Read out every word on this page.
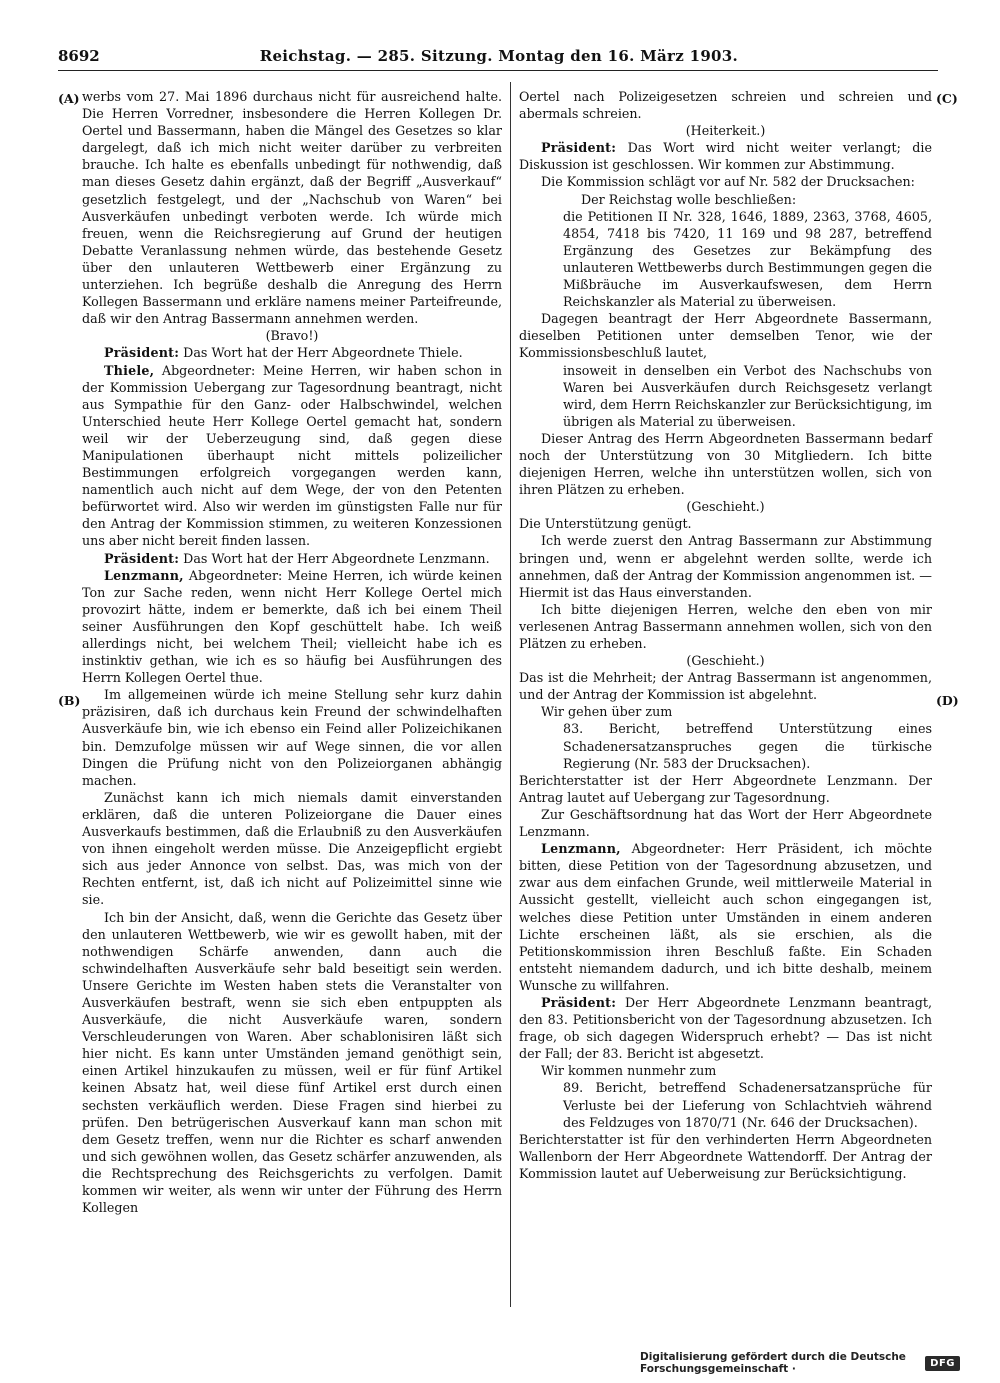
8692	Reichstag. — 285. Sitzung. Montag den 16. März 1903.

werbs vom 27. Mai 1896 durchaus nicht für ausreichend halte. Die Herren Vorredner, insbesondere die Herren Kollegen Dr. Oertel und Bassermann, haben die Mängel des Gesetzes so klar dargelegt, daß ich mich nicht weiter darüber zu verbreiten brauche. Ich halte es ebenfalls unbedingt für nothwendig, daß man dieses Gesetz dahin ergänzt, daß der Begriff „Ausverkauf“ gesetzlich festgelegt, und der „Nachschub von Waren“ bei Ausverkäufen unbedingt verboten werde. Ich würde mich freuen, wenn die Reichsregierung auf Grund der heutigen Debatte Veranlassung nehmen würde, das bestehende Gesetz über den unlauteren Wettbewerb einer Ergänzung zu unterziehen. Ich begrüße deshalb die Anregung des Herrn Kollegen Bassermann und erkläre namens meiner Parteifreunde, daß wir den Antrag Bassermann annehmen werden.

(Bravo!)

Präsident: Das Wort hat der Herr Abgeordnete Thiele.

Thiele, Abgeordneter: Meine Herren, wir haben schon in der Kommission Uebergang zur Tagesordnung beantragt, nicht aus Sympathie für den Ganz- oder Halbschwindel, welchen Unterschied heute Herr Kollege Oertel gemacht hat, sondern weil wir der Ueberzeugung sind, daß gegen diese Manipulationen überhaupt nicht mittels polizeilicher Bestimmungen erfolgreich vorgegangen werden kann, namentlich auch nicht auf dem Wege, der von den Petenten befürwortet wird. Also wir werden im günstigsten Falle nur für den Antrag der Kommission stimmen, zu weiteren Konzessionen uns aber nicht bereit finden lassen.

Präsident: Das Wort hat der Herr Abgeordnete Lenzmann.

Lenzmann, Abgeordneter: Meine Herren, ich würde keinen Ton zur Sache reden, wenn nicht Herr Kollege Oertel mich provozirt hätte, indem er bemerkte, daß ich bei einem Theil seiner Ausführungen den Kopf geschüttelt habe. Ich weiß allerdings nicht, bei welchem Theil; vielleicht habe ich es instinktiv gethan, wie ich es so häufig bei Ausführungen des Herrn Kollegen Oertel thue.

Im allgemeinen würde ich meine Stellung sehr kurz dahin präzisiren, daß ich durchaus kein Freund der schwindelhaften Ausverkäufe bin, wie ich ebenso ein Feind aller Polizeichikanen bin. Demzufolge müssen wir auf Wege sinnen, die vor allen Dingen die Prüfung nicht von den Polizeiorganen abhängig machen.

Zunächst kann ich mich niemals damit einverstanden erklären, daß die unteren Polizeiorgane die Dauer eines Ausverkaufs bestimmen, daß die Erlaubniß zu den Ausverkäufen von ihnen eingeholt werden müsse. Die Anzeigepflicht ergiebt sich aus jeder Annonce von selbst. Das, was mich von der Rechten entfernt, ist, daß ich nicht auf Polizeimittel sinne wie sie.

Ich bin der Ansicht, daß, wenn die Gerichte das Gesetz über den unlauteren Wettbewerb, wie wir es gewollt haben, mit der nothwendigen Schärfe anwenden, dann auch die schwindelhaften Ausverkäufe sehr bald beseitigt sein werden. Unsere Gerichte im Westen haben stets die Veranstalter von Ausverkäufen bestraft, wenn sie sich eben entpuppten als Ausverkäufe, die nicht Ausverkäufe waren, sondern Verschleuderungen von Waren. Aber schablonisiren läßt sich hier nicht. Es kann unter Umständen jemand genöthigt sein, einen Artikel hinzukaufen zu müssen, weil er für fünf Artikel keinen Absatz hat, weil diese fünf Artikel erst durch einen sechsten verkäuflich werden. Diese Fragen sind hierbei zu prüfen. Den betrügerischen Ausverkauf kann man schon mit dem Gesetz treffen, wenn nur die Richter es scharf anwenden und sich gewöhnen wollen, das Gesetz schärfer anzuwenden, als die Rechtsprechung des Reichsgerichts zu verfolgen. Damit kommen wir weiter, als wenn wir unter der Führung des Herrn Kollegen

Oertel nach Polizeigesetzen schreien und schreien und abermals schreien.

(Heiterkeit.)

Präsident: Das Wort wird nicht weiter verlangt; die Diskussion ist geschlossen. Wir kommen zur Abstimmung.

Die Kommission schlägt vor auf Nr. 582 der Drucksachen:

Der Reichstag wolle beschließen:

die Petitionen II Nr. 328, 1646, 1889, 2363, 3768, 4605, 4854, 7418 bis 7420, 11 169 und 98 287, betreffend Ergänzung des Gesetzes zur Bekämpfung des unlauteren Wettbewerbs durch Bestimmungen gegen die Mißbräuche im Ausverkaufswesen, dem Herrn Reichskanzler als Material zu überweisen.

Dagegen beantragt der Herr Abgeordnete Bassermann, dieselben Petitionen unter demselben Tenor, wie der Kommissionsbeschluß lautet,

insoweit in denselben ein Verbot des Nachschubs von Waren bei Ausverkäufen durch Reichsgesetz verlangt wird, dem Herrn Reichskanzler zur Berücksichtigung, im übrigen als Material zu überweisen.

Dieser Antrag des Herrn Abgeordneten Bassermann bedarf noch der Unterstützung von 30 Mitgliedern. Ich bitte diejenigen Herren, welche ihn unterstützen wollen, sich von ihren Plätzen zu erheben.

(Geschieht.)

Die Unterstützung genügt.

Ich werde zuerst den Antrag Bassermann zur Abstimmung bringen und, wenn er abgelehnt werden sollte, werde ich annehmen, daß der Antrag der Kommission angenommen ist. — Hiermit ist das Haus einverstanden.

Ich bitte diejenigen Herren, welche den eben von mir verlesenen Antrag Bassermann annehmen wollen, sich von den Plätzen zu erheben.

(Geschieht.)

Das ist die Mehrheit; der Antrag Bassermann ist angenommen, und der Antrag der Kommission ist abgelehnt.

Wir gehen über zum

83. Bericht, betreffend Unterstützung eines Schadenersatzanspruches gegen die türkische Regierung (Nr. 583 der Drucksachen).

Berichterstatter ist der Herr Abgeordnete Lenzmann. Der Antrag lautet auf Uebergang zur Tagesordnung.

Zur Geschäftsordnung hat das Wort der Herr Abgeordnete Lenzmann.

Lenzmann, Abgeordneter: Herr Präsident, ich möchte bitten, diese Petition von der Tagesordnung abzusetzen, und zwar aus dem einfachen Grunde, weil mittlerweile Material in Aussicht gestellt, vielleicht auch schon eingegangen ist, welches diese Petition unter Umständen in einem anderen Lichte erscheinen läßt, als sie erschien, als die Petitionskommission ihren Beschluß faßte. Ein Schaden entsteht niemandem dadurch, und ich bitte deshalb, meinem Wunsche zu willfahren.

Präsident: Der Herr Abgeordnete Lenzmann beantragt, den 83. Petitionsbericht von der Tagesordnung abzusetzen. Ich frage, ob sich dagegen Widerspruch erhebt? — Das ist nicht der Fall; der 83. Bericht ist abgesetzt.

Wir kommen nunmehr zum

89. Bericht, betreffend Schadenersatzansprüche für Verluste bei der Lieferung von Schlachtvieh während des Feldzuges von 1870/71 (Nr. 646 der Drucksachen).

Berichterstatter ist für den verhinderten Herrn Abgeordneten Wallenborn der Herr Abgeordnete Wattendorff. Der Antrag der Kommission lautet auf Ueberweisung zur Berücksichtigung.

(A)
(B)
(C)
(D)
Digitalisierung gefördert durch die Deutsche Forschungsgemeinschaft ·	DFG
